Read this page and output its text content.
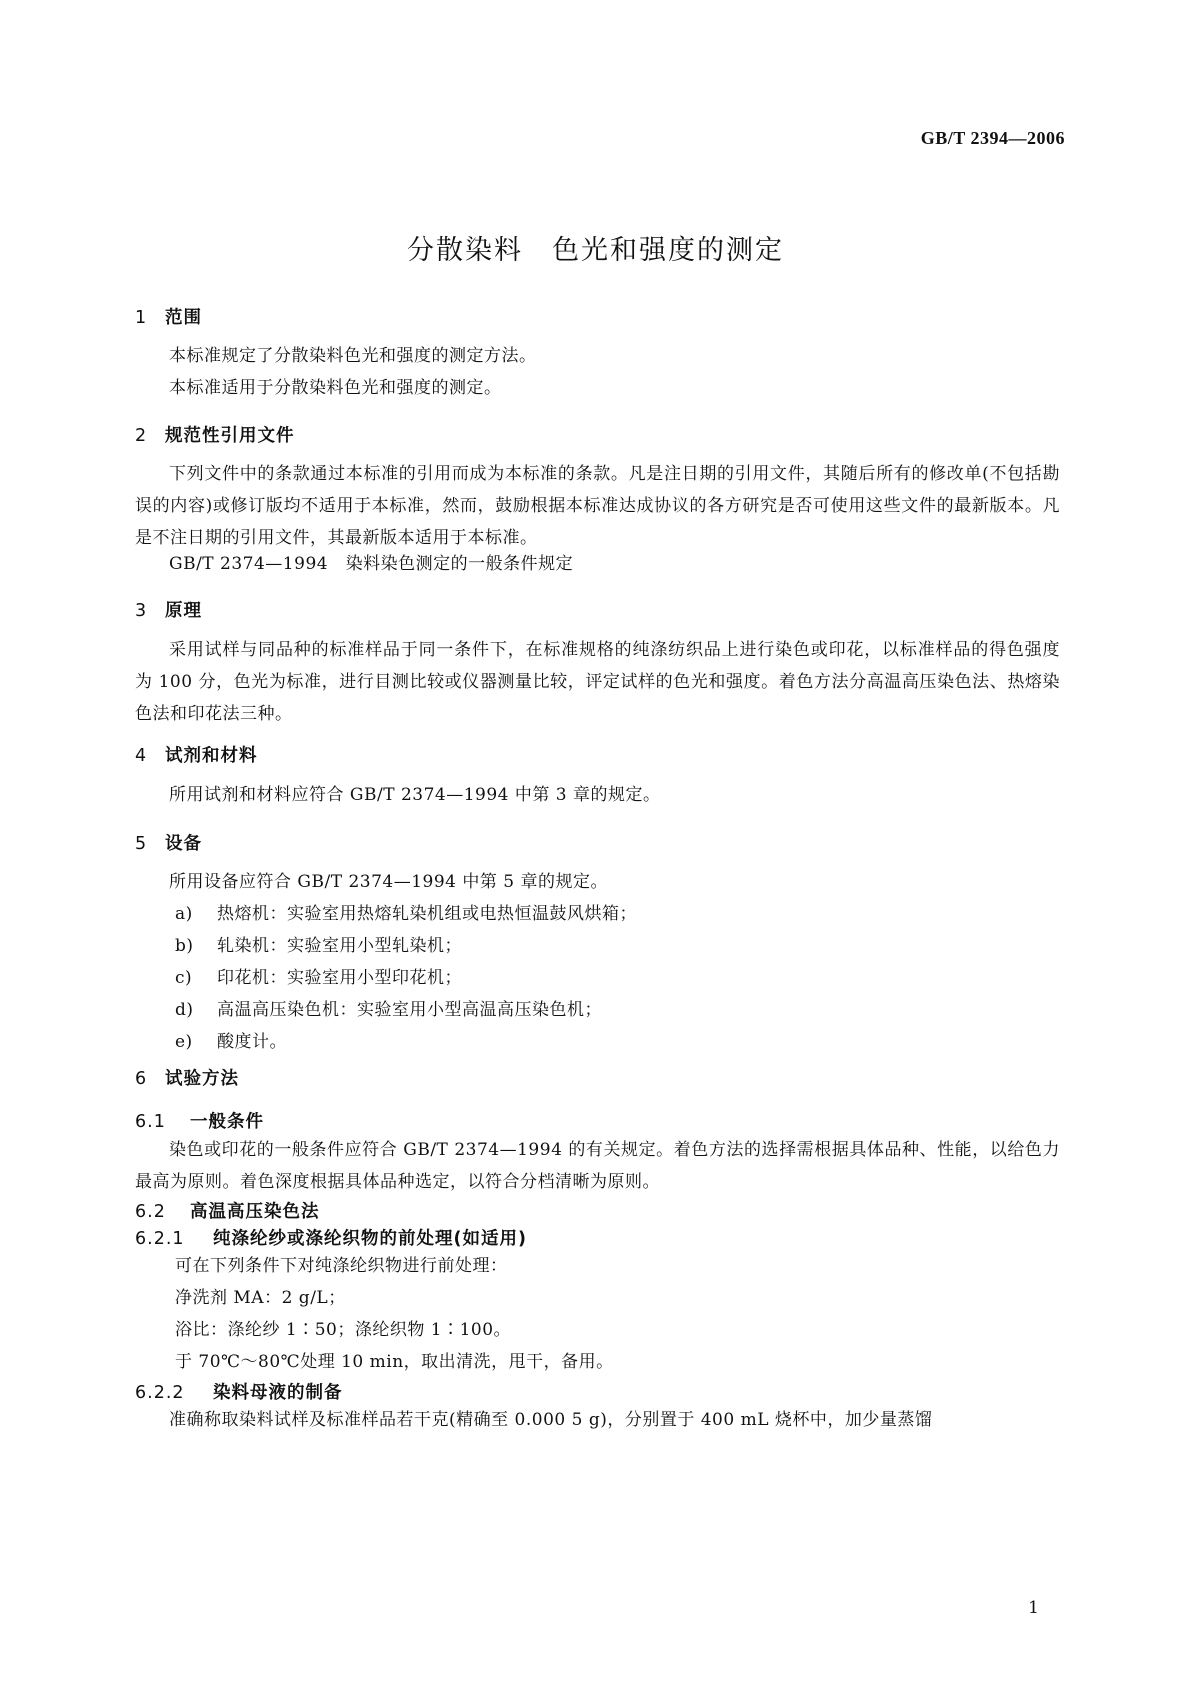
GB/T 2394—2006
分散染料　色光和强度的测定
1 范围
本标准规定了分散染料色光和强度的测定方法。
本标准适用于分散染料色光和强度的测定。
2 规范性引用文件
下列文件中的条款通过本标准的引用而成为本标准的条款。凡是注日期的引用文件，其随后所有的修改单(不包括勘误的内容)或修订版均不适用于本标准，然而，鼓励根据本标准达成协议的各方研究是否可使用这些文件的最新版本。凡是不注日期的引用文件，其最新版本适用于本标准。
GB/T 2374—1994　染料染色测定的一般条件规定
3 原理
采用试样与同品种的标准样品于同一条件下，在标准规格的纯涤纺织品上进行染色或印花，以标准样品的得色强度为 100 分，色光为标准，进行目测比较或仪器测量比较，评定试样的色光和强度。着色方法分高温高压染色法、热熔染色法和印花法三种。
4 试剂和材料
所用试剂和材料应符合 GB/T 2374—1994 中第 3 章的规定。
5 设备
所用设备应符合 GB/T 2374—1994 中第 5 章的规定。
a) 热熔机：实验室用热熔轧染机组或电热恒温鼓风烘箱；
b) 轧染机：实验室用小型轧染机；
c) 印花机：实验室用小型印花机；
d) 高温高压染色机：实验室用小型高温高压染色机；
e) 酸度计。
6 试验方法
6.1 一般条件
染色或印花的一般条件应符合 GB/T 2374—1994 的有关规定。着色方法的选择需根据具体品种、性能，以给色力最高为原则。着色深度根据具体品种选定，以符合分档清晰为原则。
6.2 高温高压染色法
6.2.1 纯涤纶纱或涤纶织物的前处理(如适用)
可在下列条件下对纯涤纶织物进行前处理：
净洗剂 MA：2 g/L；
浴比：涤纶纱 1∶50；涤纶织物 1∶100。
于 70℃～80℃处理 10 min，取出清洗，甩干，备用。
6.2.2 染料母液的制备
准确称取染料试样及标准样品若干克(精确至 0.000 5 g)，分别置于 400 mL 烧杯中，加少量蒸馏
1
